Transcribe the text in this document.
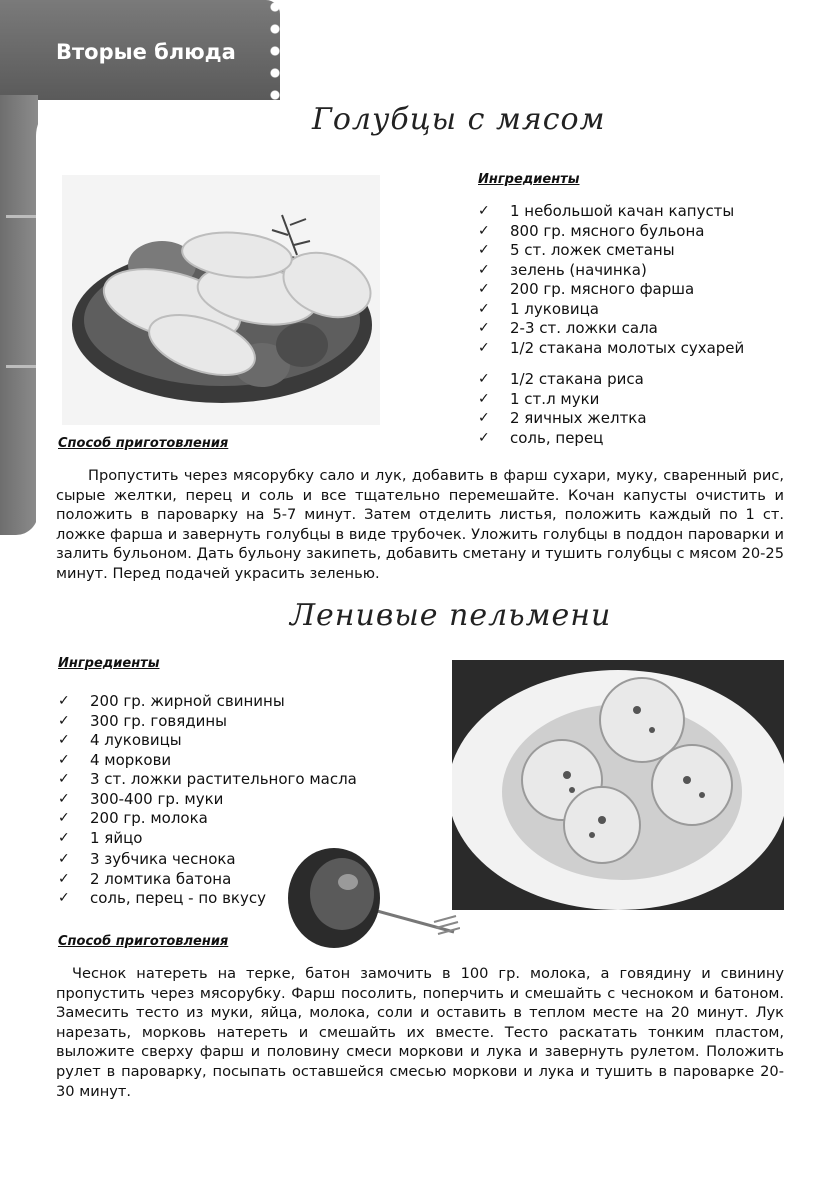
Вторые блюда
Голубцы с мясом
Ингредиенты
✓	1 небольшой качан капусты
✓	800 гр. мясного бульона
✓	5 ст. ложек сметаны
✓	зелень (начинка)
✓	200 гр. мясного фарша
✓	1 луковица
✓	2-3 ст. ложки сала
✓	1/2 стакана молотых сухарей
✓	1/2 стакана риса
✓	1 ст.л муки
✓	2 яичных желтка
✓	соль, перец
Способ приготовления

Пропустить через мясорубку сало и лук, добавить в фарш сухари, муку, сваренный рис, сырые желтки, перец и соль и все тщательно перемешайте. Кочан капусты очистить и положить в пароварку на 5-7 минут. Затем отделить листья, положить каждый по 1 ст. ложке фарша и завернуть голубцы в виде трубочек. Уложить голубцы в поддон пароварки и залить бульоном. Дать бульону закипеть, добавить сметану и тушить голубцы с мясом 20-25 минут. Перед подачей украсить зеленью.

Ленивые пельмени
Ингредиенты
✓	200 гр. жирной свинины
✓	300 гр. говядины
✓	4 луковицы
✓	4 моркови
✓	3 ст. ложки растительного масла
✓	300-400 гр. муки
✓	200 гр. молока
✓	1 яйцо
✓	3 зубчика чеснока
✓	2 ломтика батона
✓	соль, перец - по вкусу
Способ приготовления

Чеснок натереть на терке, батон замочить в 100 гр. молока, а говядину и свинину пропустить через мясорубку. Фарш посолить, поперчить и смешайть с чесноком и батоном. Замесить тесто из муки, яйца, молока, соли и оставить в теплом месте на 20 минут. Лук нарезать, морковь натереть и смешайть их вместе. Тесто раскатать тонким пластом, выложите сверху фарш и половину смеси моркови и лука и завернуть рулетом. Положить рулет в пароварку, посыпать оставшейся смесью моркови и лука и тушить в пароварке 20-30 минут.
